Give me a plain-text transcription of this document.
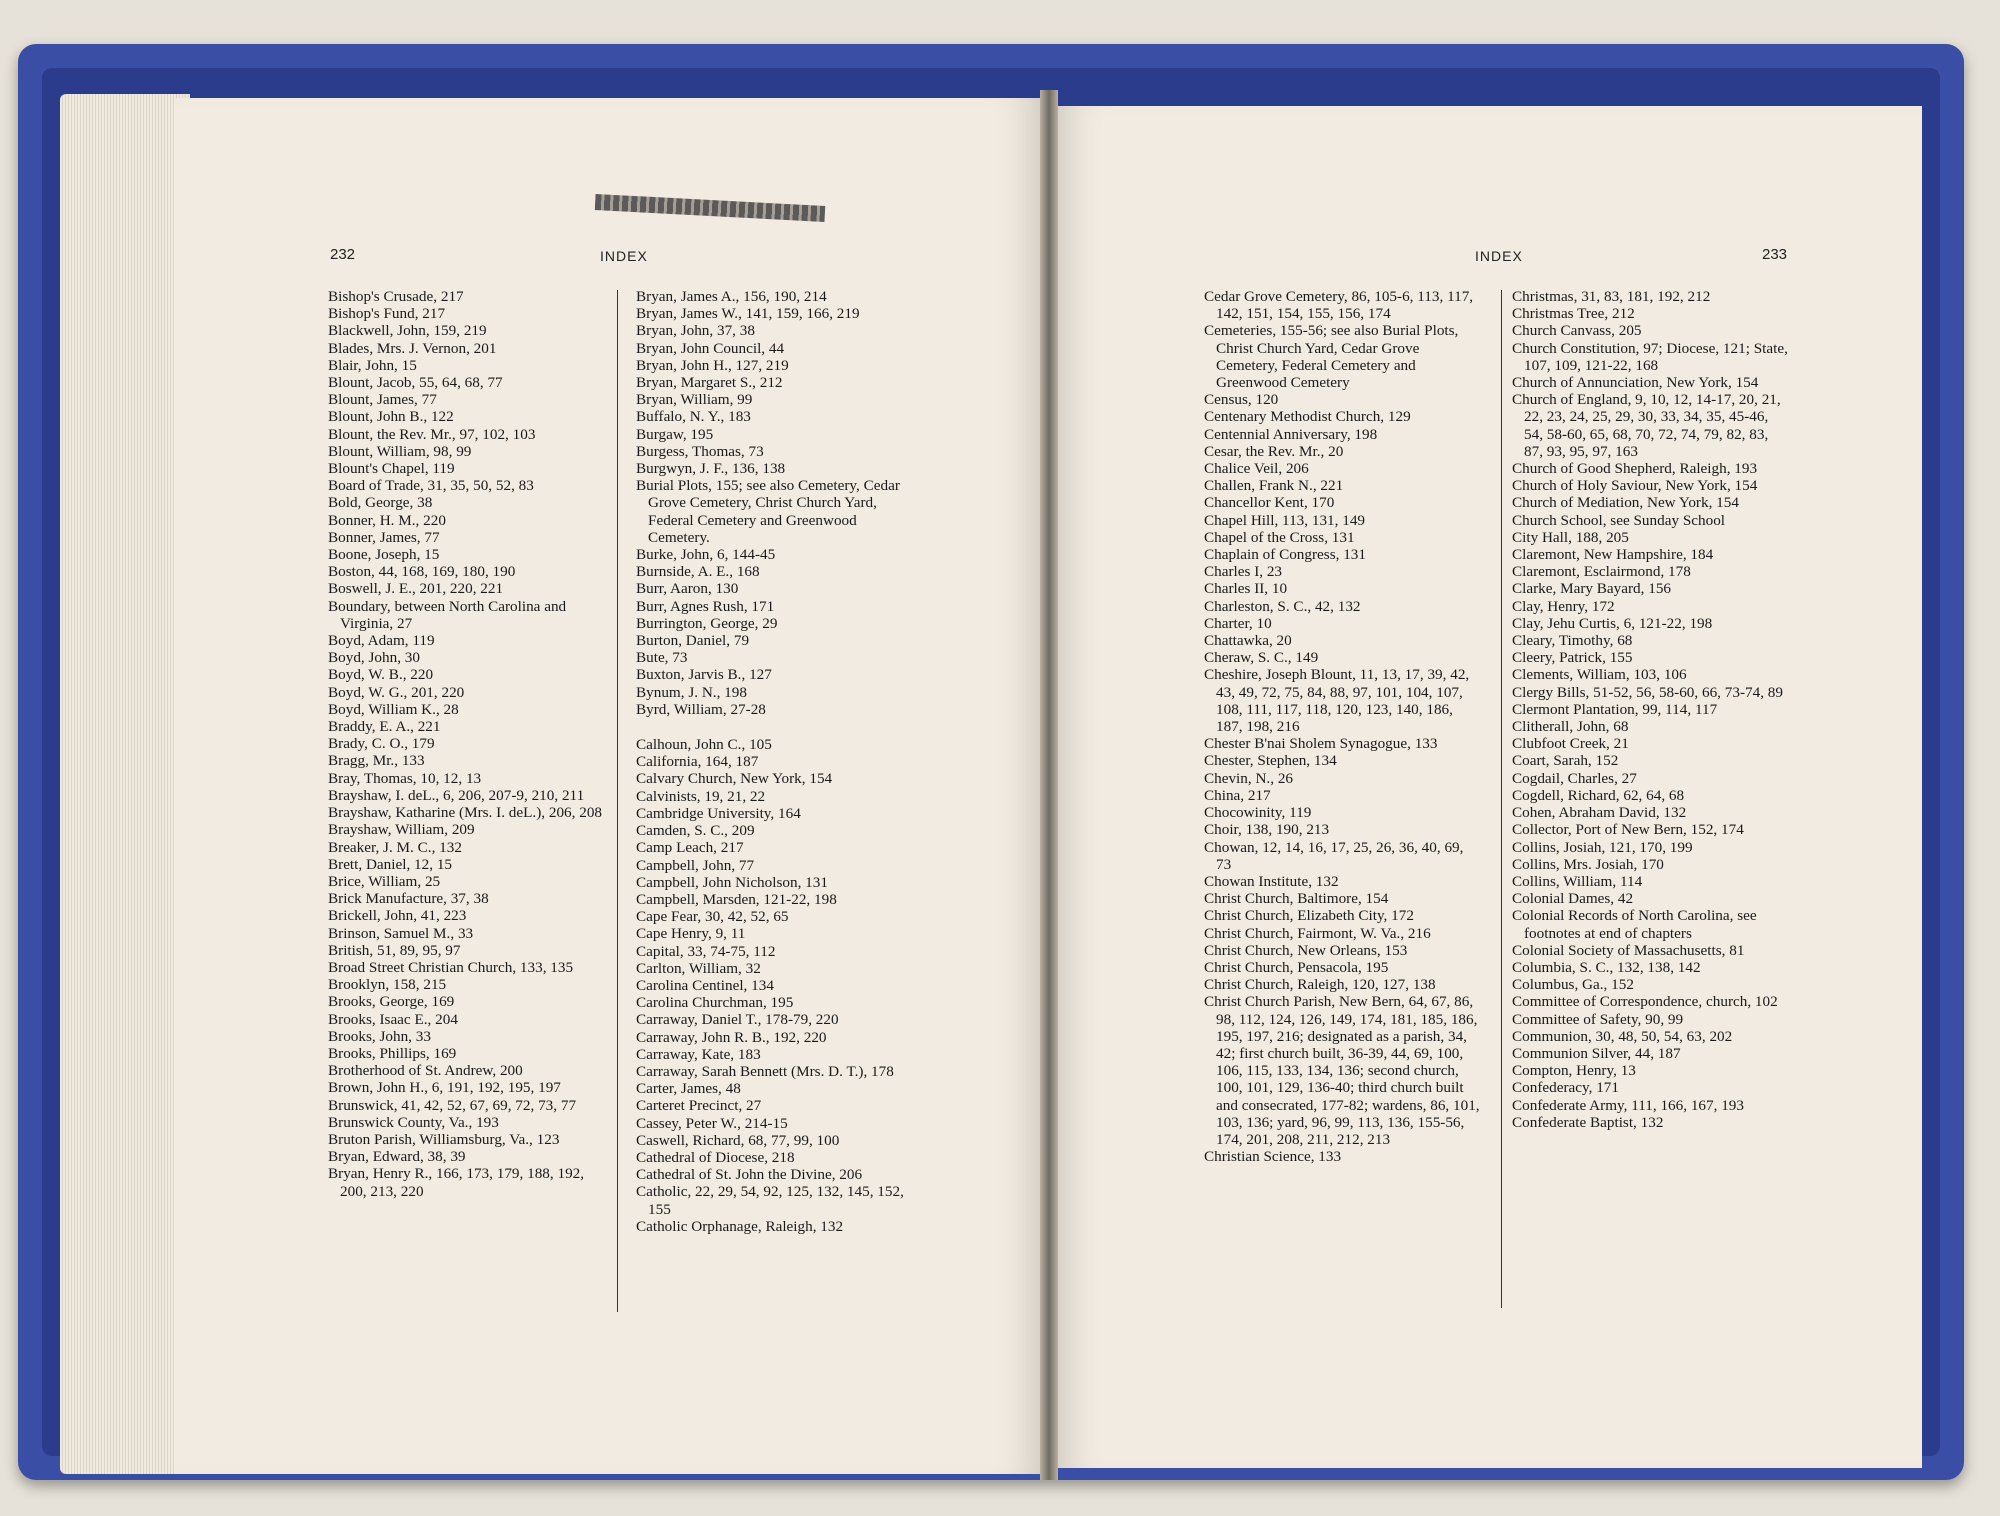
232	INDEX	233
INDEX
Bishop's Crusade, 217
Bishop's Fund, 217
Blackwell, John, 159, 219
Blades, Mrs. J. Vernon, 201
Blair, John, 15
Blount, Jacob, 55, 64, 68, 77
Blount, James, 77
Blount, John B., 122
Blount, the Rev. Mr., 97, 102, 103
Blount, William, 98, 99
Blount's Chapel, 119
Board of Trade, 31, 35, 50, 52, 83
Bold, George, 38
Bonner, H. M., 220
Bonner, James, 77
Boone, Joseph, 15
Boston, 44, 168, 169, 180, 190
Boswell, J. E., 201, 220, 221
Boundary, between North Carolina and Virginia, 27
Boyd, Adam, 119
Boyd, John, 30
Boyd, W. B., 220
Boyd, W. G., 201, 220
Boyd, William K., 28
Braddy, E. A., 221
Brady, C. O., 179
Bragg, Mr., 133
Bray, Thomas, 10, 12, 13
Brayshaw, I. deL., 6, 206, 207-9, 210, 211
Brayshaw, Katharine (Mrs. I. deL.), 206, 208
Brayshaw, William, 209
Breaker, J. M. C., 132
Brett, Daniel, 12, 15
Brice, William, 25
Brick Manufacture, 37, 38
Brickell, John, 41, 223
Brinson, Samuel M., 33
British, 51, 89, 95, 97
Broad Street Christian Church, 133, 135
Brooklyn, 158, 215
Brooks, George, 169
Brooks, Isaac E., 204
Brooks, John, 33
Brooks, Phillips, 169
Brotherhood of St. Andrew, 200
Brown, John H., 6, 191, 192, 195, 197
Brunswick, 41, 42, 52, 67, 69, 72, 73, 77
Brunswick County, Va., 193
Bruton Parish, Williamsburg, Va., 123
Bryan, Edward, 38, 39
Bryan, Henry R., 166, 173, 179, 188, 192, 200, 213, 220
Bryan, James A., 156, 190, 214
Bryan, James W., 141, 159, 166, 219
Bryan, John, 37, 38
Bryan, John Council, 44
Bryan, John H., 127, 219
Bryan, Margaret S., 212
Bryan, William, 99
Buffalo, N. Y., 183
Burgaw, 195
Burgess, Thomas, 73
Burgwyn, J. F., 136, 138
Burial Plots, 155; see also Cemetery, Cedar Grove Cemetery, Christ Church Yard, Federal Cemetery and Greenwood Cemetery.
Burke, John, 6, 144-45
Burnside, A. E., 168
Burr, Aaron, 130
Burr, Agnes Rush, 171
Burrington, George, 29
Burton, Daniel, 79
Bute, 73
Buxton, Jarvis B., 127
Bynum, J. N., 198
Byrd, William, 27-28
Calhoun, John C., 105
California, 164, 187
Calvary Church, New York, 154
Calvinists, 19, 21, 22
Cambridge University, 164
Camden, S. C., 209
Camp Leach, 217
Campbell, John, 77
Campbell, John Nicholson, 131
Campbell, Marsden, 121-22, 198
Cape Fear, 30, 42, 52, 65
Cape Henry, 9, 11
Capital, 33, 74-75, 112
Carlton, William, 32
Carolina Centinel, 134
Carolina Churchman, 195
Carraway, Daniel T., 178-79, 220
Carraway, John R. B., 192, 220
Carraway, Kate, 183
Carraway, Sarah Bennett (Mrs. D. T.), 178
Carter, James, 48
Carteret Precinct, 27
Cassey, Peter W., 214-15
Caswell, Richard, 68, 77, 99, 100
Cathedral of Diocese, 218
Cathedral of St. John the Divine, 206
Catholic, 22, 29, 54, 92, 125, 132, 145, 152, 155
Catholic Orphanage, Raleigh, 132
Cedar Grove Cemetery, 86, 105-6, 113, 117, 142, 151, 154, 155, 156, 174
Cemeteries, 155-56; see also Burial Plots, Christ Church Yard, Cedar Grove Cemetery, Federal Cemetery and Greenwood Cemetery
Census, 120
Centenary Methodist Church, 129
Centennial Anniversary, 198
Cesar, the Rev. Mr., 20
Chalice Veil, 206
Challen, Frank N., 221
Chancellor Kent, 170
Chapel Hill, 113, 131, 149
Chapel of the Cross, 131
Chaplain of Congress, 131
Charles I, 23
Charles II, 10
Charleston, S. C., 42, 132
Charter, 10
Chattawka, 20
Cheraw, S. C., 149
Cheshire, Joseph Blount, 11, 13, 17, 39, 42, 43, 49, 72, 75, 84, 88, 97, 101, 104, 107, 108, 111, 117, 118, 120, 123, 140, 186, 187, 198, 216
Chester B'nai Sholem Synagogue, 133
Chester, Stephen, 134
Chevin, N., 26
China, 217
Chocowinity, 119
Choir, 138, 190, 213
Chowan, 12, 14, 16, 17, 25, 26, 36, 40, 69, 73
Chowan Institute, 132
Christ Church, Baltimore, 154
Christ Church, Elizabeth City, 172
Christ Church, Fairmont, W. Va., 216
Christ Church, New Orleans, 153
Christ Church, Pensacola, 195
Christ Church, Raleigh, 120, 127, 138
Christ Church Parish, New Bern, 64, 67, 86, 98, 112, 124, 126, 149, 174, 181, 185, 186, 195, 197, 216; designated as a parish, 34, 42; first church built, 36-39, 44, 69, 100, 106, 115, 133, 134, 136; second church, 100, 101, 129, 136-40; third church built and consecrated, 177-82; wardens, 86, 101, 103, 136; yard, 96, 99, 113, 136, 155-56, 174, 201, 208, 211, 212, 213
Christian Science, 133
Christmas, 31, 83, 181, 192, 212
Christmas Tree, 212
Church Canvass, 205
Church Constitution, 97; Diocese, 121; State, 107, 109, 121-22, 168
Church of Annunciation, New York, 154
Church of England, 9, 10, 12, 14-17, 20, 21, 22, 23, 24, 25, 29, 30, 33, 34, 35, 45-46, 54, 58-60, 65, 68, 70, 72, 74, 79, 82, 83, 87, 93, 95, 97, 163
Church of Good Shepherd, Raleigh, 193
Church of Holy Saviour, New York, 154
Church of Mediation, New York, 154
Church School, see Sunday School
City Hall, 188, 205
Claremont, New Hampshire, 184
Claremont, Esclairmond, 178
Clarke, Mary Bayard, 156
Clay, Henry, 172
Clay, Jehu Curtis, 6, 121-22, 198
Cleary, Timothy, 68
Cleery, Patrick, 155
Clements, William, 103, 106
Clergy Bills, 51-52, 56, 58-60, 66, 73-74, 89
Clermont Plantation, 99, 114, 117
Clitherall, John, 68
Clubfoot Creek, 21
Coart, Sarah, 152
Cogdail, Charles, 27
Cogdell, Richard, 62, 64, 68
Cohen, Abraham David, 132
Collector, Port of New Bern, 152, 174
Collins, Josiah, 121, 170, 199
Collins, Mrs. Josiah, 170
Collins, William, 114
Colonial Dames, 42
Colonial Records of North Carolina, see footnotes at end of chapters
Colonial Society of Massachusetts, 81
Columbia, S. C., 132, 138, 142
Columbus, Ga., 152
Committee of Correspondence, church, 102
Committee of Safety, 90, 99
Communion, 30, 48, 50, 54, 63, 202
Communion Silver, 44, 187
Compton, Henry, 13
Confederacy, 171
Confederate Army, 111, 166, 167, 193
Confederate Baptist, 132
